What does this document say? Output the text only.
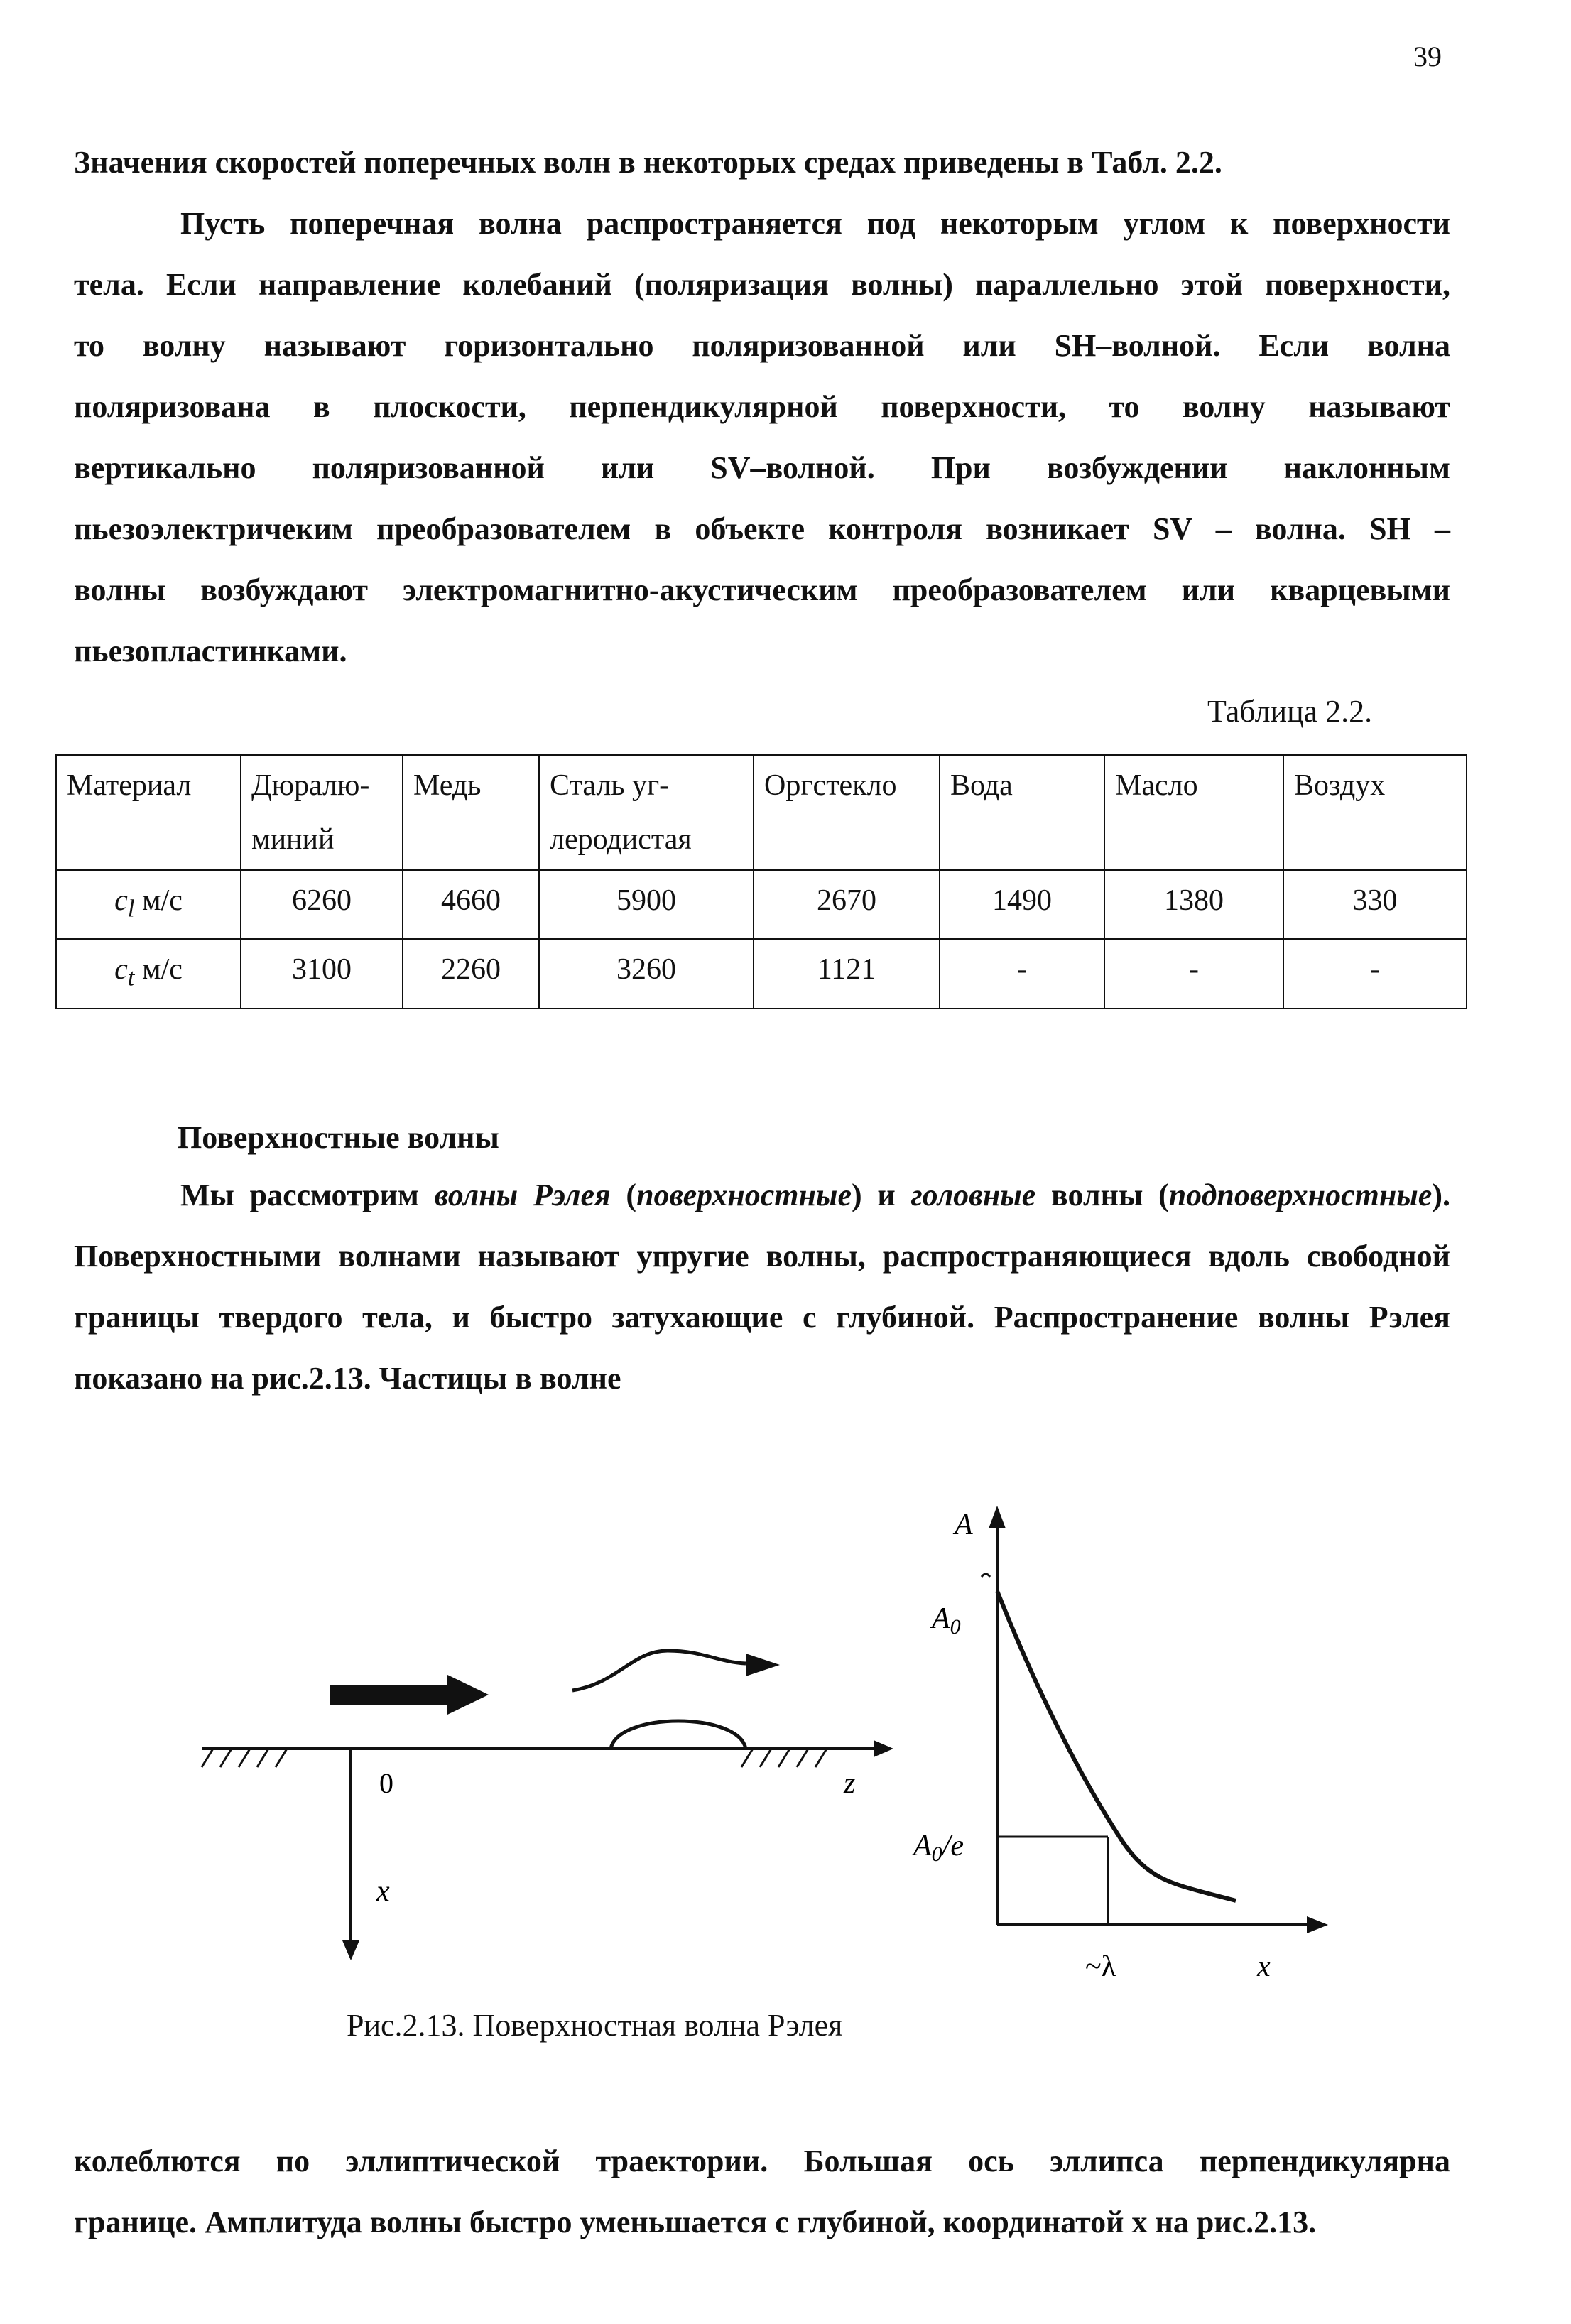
39
Значения скоростей поперечных волн в некоторых средах приведены в Табл. 2.2.
Пусть поперечная волна распространяется под некоторым углом к поверхности
тела. Если направление колебаний (поляризация волны) параллельно этой поверхности,
то волну называют горизонтально поляризованной или SH–волной. Если волна
поляризована в плоскости, перпендикулярной поверхности, то волну называют
вертикально поляризованной или SV–волной. При возбуждении наклонным
пьезоэлектричеким преобразователем в объекте контроля возникает SV – волна. SH –
волны возбуждают электромагнитно-акустическим преобразователем или кварцевыми
пьезопластинками.
Таблица 2.2.
Материал	Дюралю-миний	Медь	Сталь уг-леродистая	Оргстекло	Вода	Масло	Воздух
$c_l$ м/с	6260	4660	5900	2670	1490	1380	330
$c_t$ м/с	3100	2260	3260	1121	-	-	-
Поверхностные волны
Мы рассмотрим волны Рэлея (поверхностные) и головные волны (подповерхностные). Поверхностными волнами называют упругие волны, распространяющиеся вдоль свободной границы твердого тела, и быстро затухающие с глубиной. Распространение волны Рэлея показано на рис.2.13. Частицы в волне
0	z
x
A
A0
A0/e
~λ	x
Рис.2.13. Поверхностная волна Рэлея
колеблются по эллиптической траектории. Большая ось эллипса перпендикулярна
границе. Амплитуда волны быстро уменьшается с глубиной, координатой x на рис.2.13.
